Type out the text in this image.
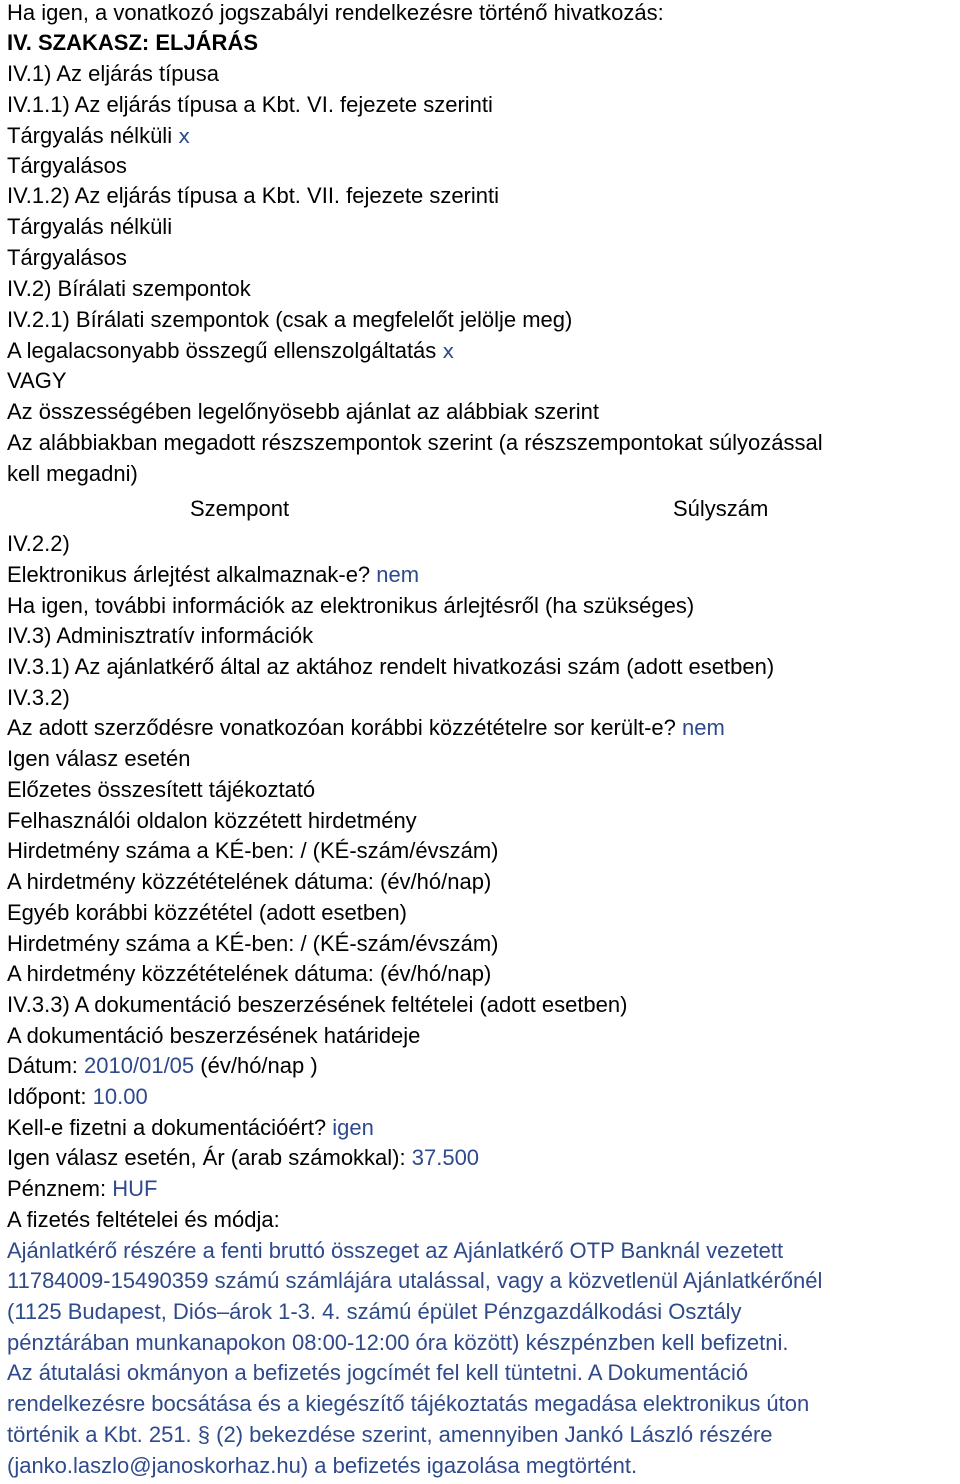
Ha igen, a vonatkozó jogszabályi rendelkezésre történő hivatkozás:
IV. SZAKASZ: ELJÁRÁS
IV.1) Az eljárás típusa
IV.1.1) Az eljárás típusa a Kbt. VI. fejezete szerinti
Tárgyalás nélküli x
Tárgyalásos
IV.1.2) Az eljárás típusa a Kbt. VII. fejezete szerinti
Tárgyalás nélküli
Tárgyalásos
IV.2) Bírálati szempontok
IV.2.1) Bírálati szempontok (csak a megfelelőt jelölje meg)
A legalacsonyabb összegű ellenszolgáltatás x
VAGY
Az összességében legelőnyösebb ajánlat az alábbiak szerint
Az alábbiakban megadott részszempontok szerint (a részszempontokat súlyozással
kell megadni)
Szempont	Súlyszám
IV.2.2)
Elektronikus árlejtést alkalmaznak-e? nem
Ha igen, további információk az elektronikus árlejtésről (ha szükséges)
IV.3) Adminisztratív információk
IV.3.1) Az ajánlatkérő által az aktához rendelt hivatkozási szám (adott esetben)
IV.3.2)
Az adott szerződésre vonatkozóan korábbi közzétételre sor került-e? nem
Igen válasz esetén
Előzetes összesített tájékoztató
Felhasználói oldalon közzétett hirdetmény
Hirdetmény száma a KÉ-ben: / (KÉ-szám/évszám)
A hirdetmény közzétételének dátuma: (év/hó/nap)
Egyéb korábbi közzététel (adott esetben)
Hirdetmény száma a KÉ-ben: / (KÉ-szám/évszám)
A hirdetmény közzétételének dátuma: (év/hó/nap)
IV.3.3) A dokumentáció beszerzésének feltételei (adott esetben)
A dokumentáció beszerzésének határideje
Dátum: 2010/01/05 (év/hó/nap )
Időpont: 10.00
Kell-e fizetni a dokumentációért? igen
Igen válasz esetén, Ár (arab számokkal): 37.500
Pénznem: HUF
A fizetés feltételei és módja:
Ajánlatkérő részére a fenti bruttó összeget az Ajánlatkérő OTP Banknál vezetett
11784009-15490359 számú számlájára utalással, vagy a közvetlenül Ajánlatkérőnél
(1125 Budapest, Diós–árok 1-3. 4. számú épület Pénzgazdálkodási Osztály
pénztárában munkanapokon 08:00-12:00 óra között) készpénzben kell befizetni.
Az átutalási okmányon a befizetés jogcímét fel kell tüntetni. A Dokumentáció
rendelkezésre bocsátása és a kiegészítő tájékoztatás megadása elektronikus úton
történik a Kbt. 251. § (2) bekezdése szerint, amennyiben Jankó László részére
(janko.laszlo@janoskorhaz.hu) a befizetés igazolása megtörtént.
